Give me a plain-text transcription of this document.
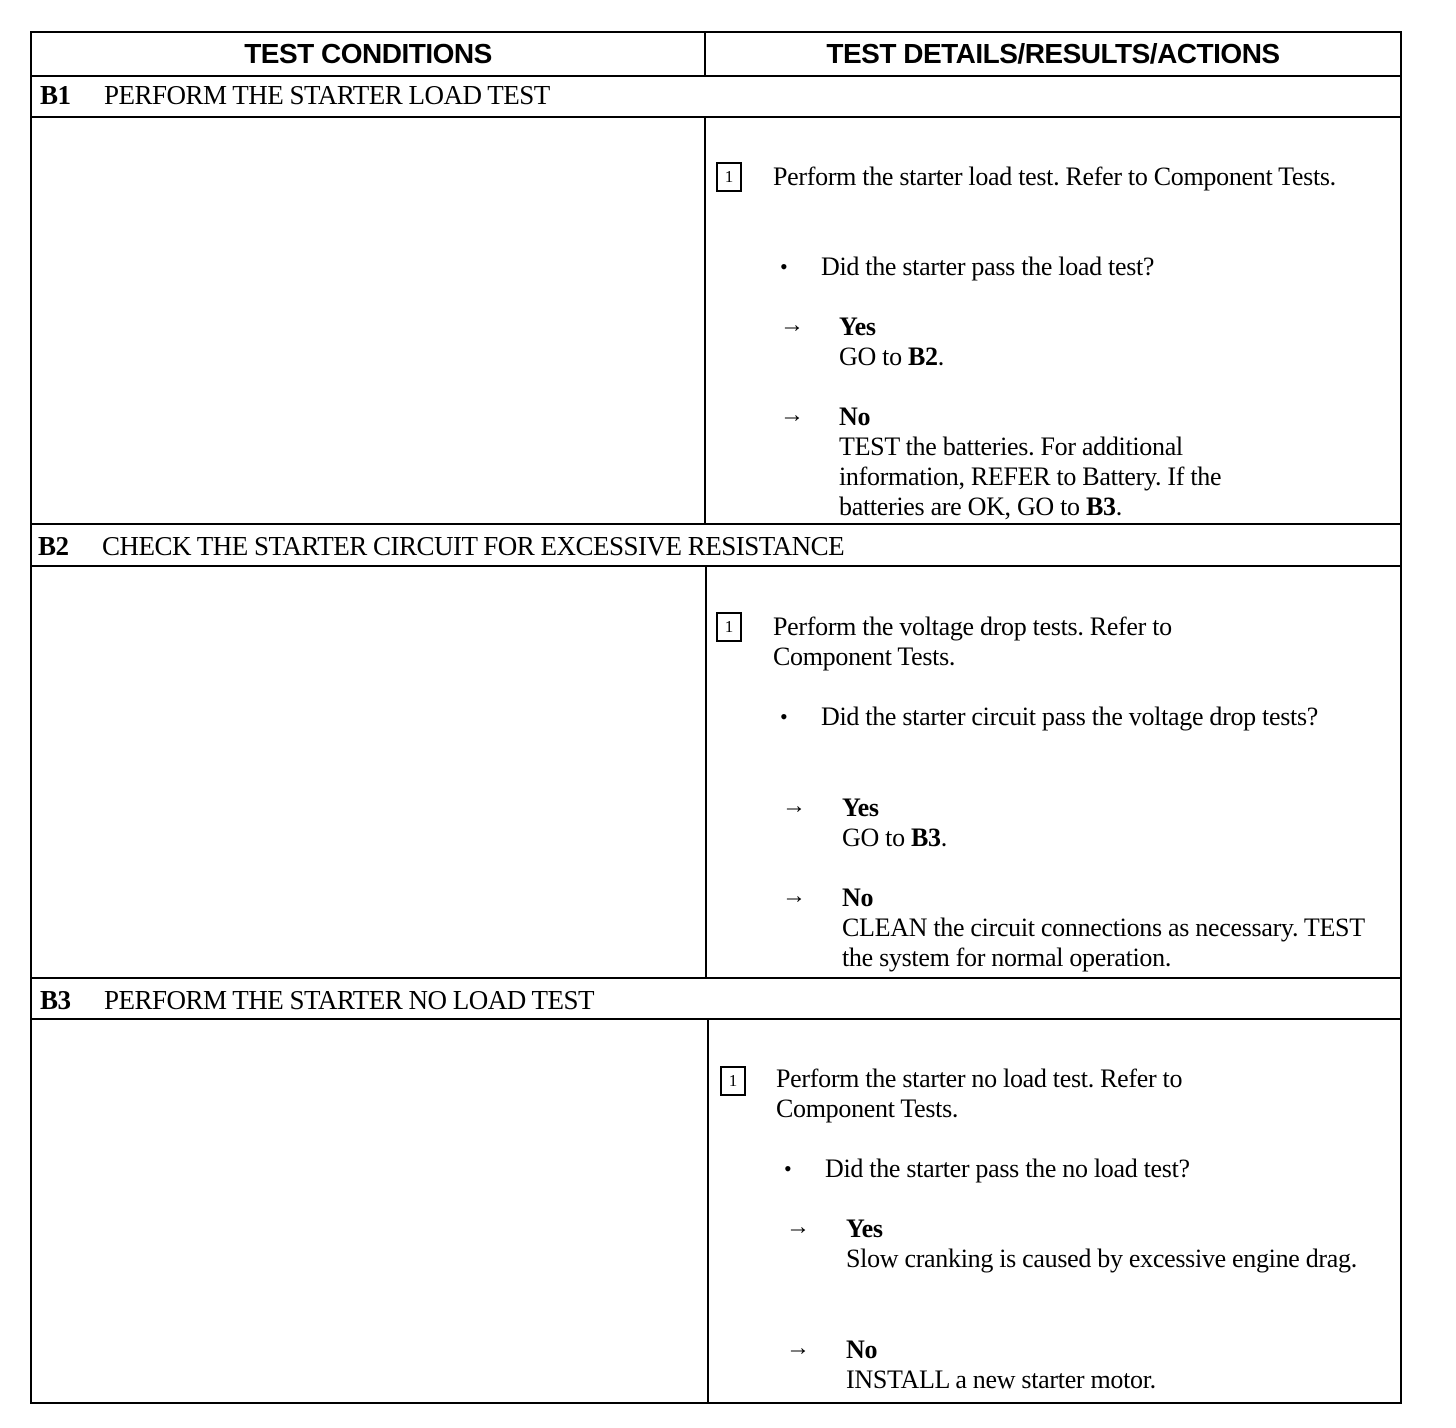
TEST CONDITIONS	TEST DETAILS/RESULTS/ACTIONS
B1 PERFORM THE STARTER LOAD TEST
1	Perform the starter load test. Refer to Component Tests.
• Did the starter pass the load test?
→ Yes
GO to B2.
→ No
TEST the batteries. For additional information, REFER to Battery. If the batteries are OK, GO to B3.
B2 CHECK THE STARTER CIRCUIT FOR EXCESSIVE RESISTANCE
1	Perform the voltage drop tests. Refer to Component Tests.
• Did the starter circuit pass the voltage drop tests?
→ Yes
GO to B3.
→ No
CLEAN the circuit connections as necessary. TEST the system for normal operation.
B3 PERFORM THE STARTER NO LOAD TEST
1	Perform the starter no load test. Refer to Component Tests.
• Did the starter pass the no load test?
→ Yes
Slow cranking is caused by excessive engine drag.
→ No
INSTALL a new starter motor.
